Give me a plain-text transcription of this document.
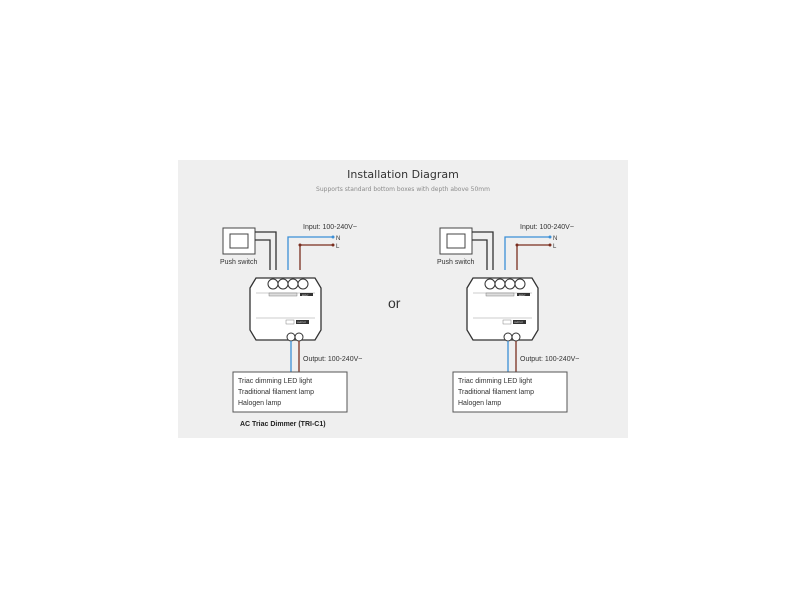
Installation Diagram
Supports standard bottom boxes with depth above 50mm
Push switch
Input: 100-240V~
N
L
INPUT
OUTPUT
Output: 100-240V~
Triac dimming LED light
Traditional filament lamp
Halogen lamp
AC Triac Dimmer (TRI-C1)
or
Push switch
Input: 100-240V~
N
L
INPUT
OUTPUT
Output: 100-240V~
Triac dimming LED light
Traditional filament lamp
Halogen lamp
